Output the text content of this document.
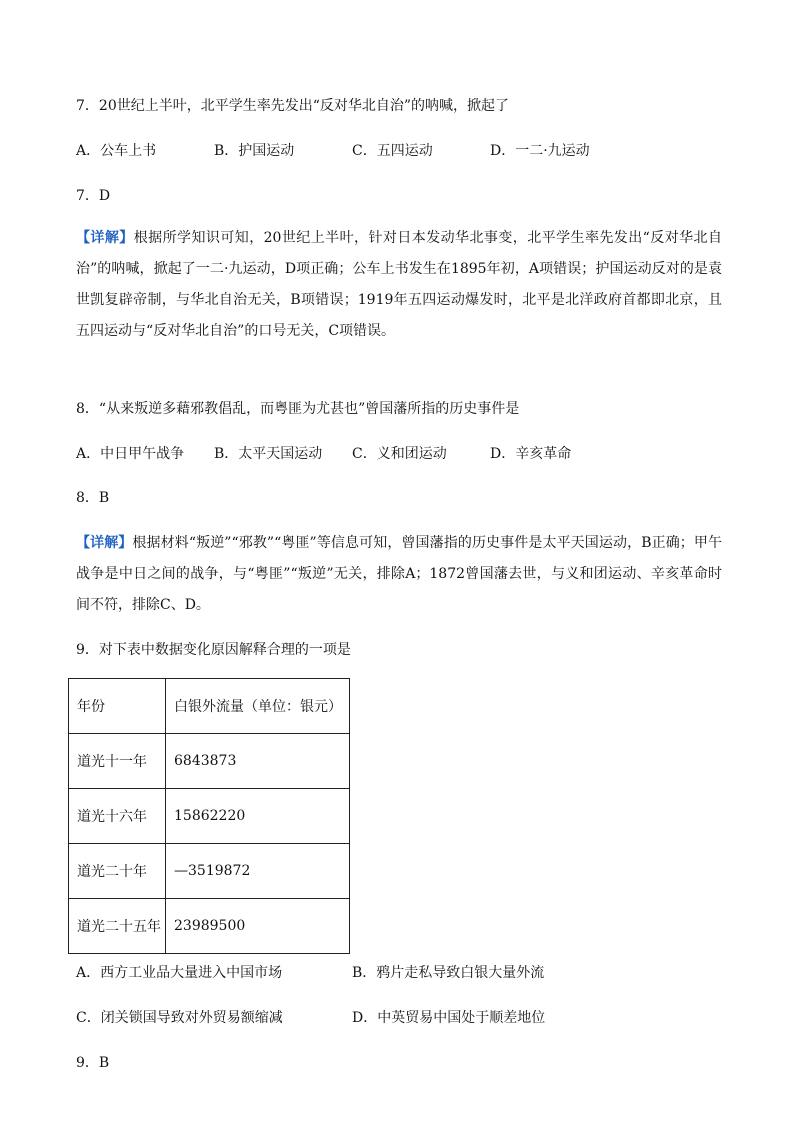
7．20世纪上半叶，北平学生率先发出“反对华北自治”的呐喊，掀起了
A．公车上书	B．护国运动	C．五四运动	D．一二·九运动
7．D
【详解】根据所学知识可知，20世纪上半叶，针对日本发动华北事变，北平学生率先发出“反对华北自治”的呐喊，掀起了一二·九运动，D项正确；公车上书发生在1895年初，A项错误；护国运动反对的是袁世凯复辟帝制，与华北自治无关，B项错误；1919年五四运动爆发时，北平是北洋政府首都即北京，且五四运动与“反对华北自治”的口号无关，C项错误。
8．“从来叛逆多藉邪教倡乱，而粤匪为尤甚也”曾国藩所指的历史事件是
A．中日甲午战争 B．太平天国运动 C．义和团运动	D．辛亥革命
8．B
【详解】根据材料“叛逆”“邪教”“粤匪”等信息可知，曾国藩指的历史事件是太平天国运动，B正确；甲午战争是中日之间的战争，与“粤匪”“叛逆”无关，排除A；1872曾国藩去世，与义和团运动、辛亥革命时间不符，排除C、D。
9．对下表中数据变化原因解释合理的一项是
年份	白银外流量（单位：银元）
道光十一年	6843873
道光十六年	15862220
道光二十年	—3519872
道光二十五年	23989500
A．西方工业品大量进入中国市场	B．鸦片走私导致白银大量外流
C．闭关锁国导致对外贸易额缩减	D．中英贸易中国处于顺差地位
9．B
